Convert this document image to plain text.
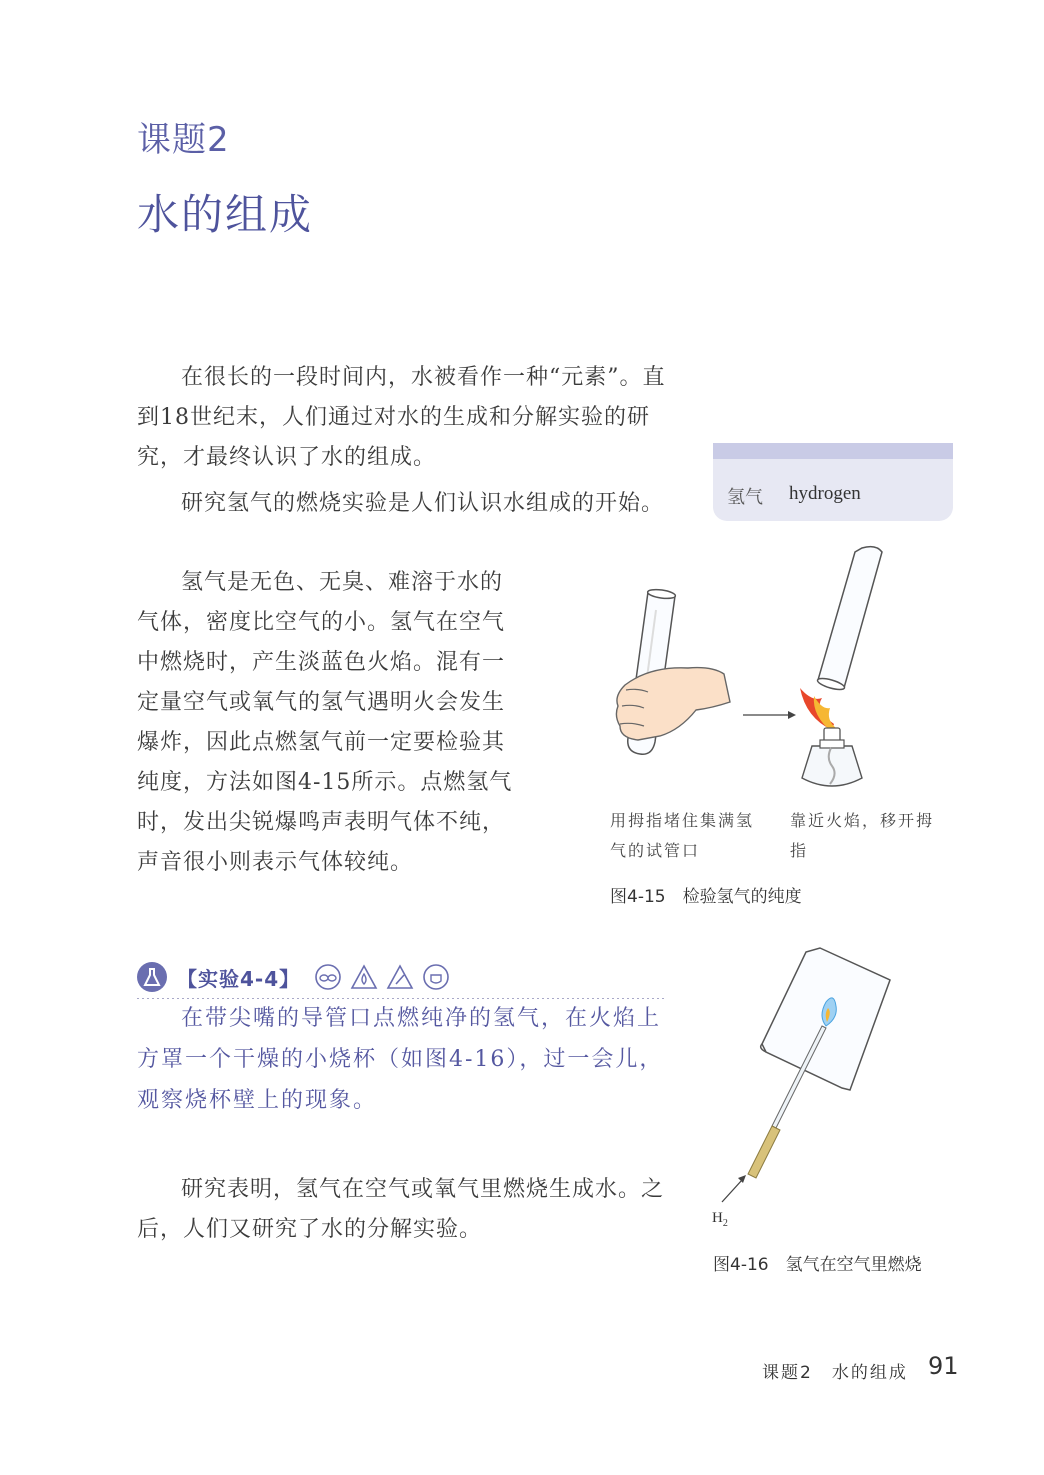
课题2
水的组成

在很长的一段时间内，水被看作一种“元素”。直到18世纪末，人们通过对水的生成和分解实验的研究，才最终认识了水的组成。

研究氢气的燃烧实验是人们认识水组成的开始。

氢气是无色、无臭、难溶于水的气体，密度比空气的小。氢气在空气中燃烧时，产生淡蓝色火焰。混有一定量空气或氧气的氢气遇明火会发生爆炸，因此点燃氢气前一定要检验其纯度，方法如图4-15所示。点燃氢气时，发出尖锐爆鸣声表明气体不纯，声音很小则表示气体较纯。

氢气 hydrogen
用拇指堵住集满氢气的试管口
靠近火焰，移开拇指
图4-15　检验氢气的纯度
【实验4-4】

在带尖嘴的导管口点燃纯净的氢气，在火焰上方罩一个干燥的小烧杯（如图4-16），过一会儿，观察烧杯壁上的现象。

$H_2$

研究表明，氢气在空气或氧气里燃烧生成水。之后，人们又研究了水的分解实验。

图4-16　氢气在空气里燃烧
课题2　水的组成 91
